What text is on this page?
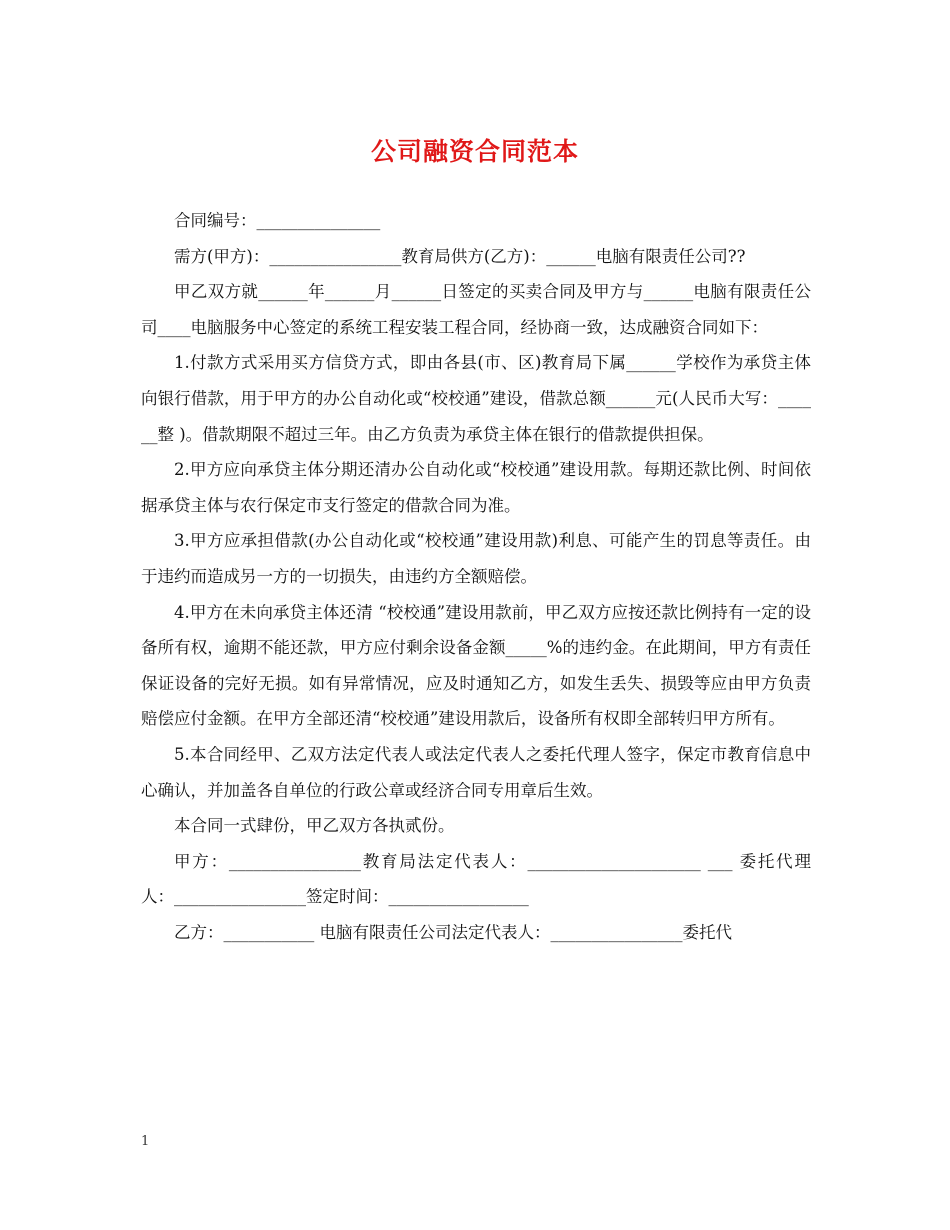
公司融资合同范本

合同编号：_______________

需方(甲方)：________________教育局供方(乙方)：______电脑有限责任公司??

甲乙双方就______年______月______日签定的买卖合同及甲方与______电脑有限责任公司____电脑服务中心签定的系统工程安装工程合同，经协商一致，达成融资合同如下：

1.付款方式采用买方信贷方式，即由各县(市、区)教育局下属______学校作为承贷主体向银行借款，用于甲方的办公自动化或“校校通”建设，借款总额______元(人民币大写：______整 )。借款期限不超过三年。由乙方负责为承贷主体在银行的借款提供担保。

2.甲方应向承贷主体分期还清办公自动化或“校校通”建设用款。每期还款比例、时间依据承贷主体与农行保定市支行签定的借款合同为准。

3.甲方应承担借款(办公自动化或“校校通”建设用款)利息、可能产生的罚息等责任。由于违约而造成另一方的一切损失，由违约方全额赔偿。

4.甲方在未向承贷主体还清 “校校通”建设用款前，甲乙双方应按还款比例持有一定的设备所有权，逾期不能还款，甲方应付剩余设备金额_____%的违约金。在此期间，甲方有责任保证设备的完好无损。如有异常情况，应及时通知乙方，如发生丢失、损毁等应由甲方负责赔偿应付金额。在甲方全部还清“校校通”建设用款后，设备所有权即全部转归甲方所有。

5.本合同经甲、乙双方法定代表人或法定代表人之委托代理人签字，保定市教育信息中心确认，并加盖各自单位的行政公章或经济合同专用章后生效。

本合同一式肆份，甲乙双方各执贰份。

甲方：________________教育局法定代表人：_____________________ ___ 委托代理人：________________签定时间：_________________

乙方：___________ 电脑有限责任公司法定代表人：________________委托代

1
